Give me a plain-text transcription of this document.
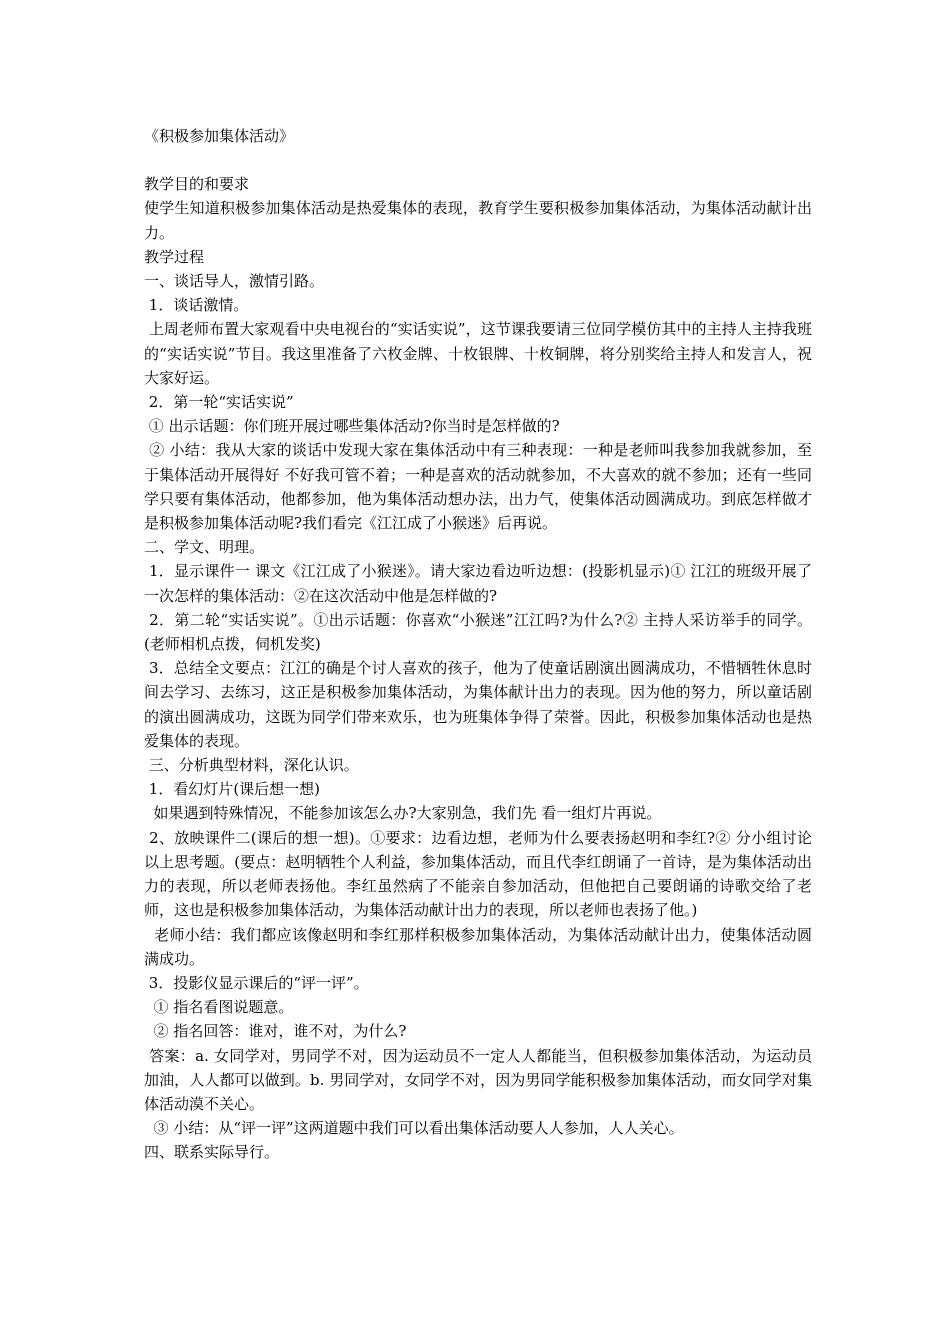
《积极参加集体活动》
教学目的和要求
使学生知道积极参加集体活动是热爱集体的表现，教育学生要积极参加集体活动，为集体活动献计出力。
教学过程
一、谈话导人，激情引路。
1．谈话激情。
上周老师布置大家观看中央电视台的“实话实说”，这节课我要请三位同学模仿其中的主持人主持我班的“实话实说”节目。我这里准备了六枚金牌、十枚银牌、十枚铜牌，将分别奖给主持人和发言人，祝大家好运。
2．第一轮“实话实说”
① 出示话题：你们班开展过哪些集体活动?你当时是怎样做的?
② 小结：我从大家的谈话中发现大家在集体活动中有三种表现：一种是老师叫我参加我就参加，至于集体活动开展得好 不好我可管不着；一种是喜欢的活动就参加，不大喜欢的就不参加；还有一些同学只要有集体活动，他都参加，他为集体活动想办法，出力气，使集体活动圆满成功。到底怎样做才是积极参加集体活动呢?我们看完《江江成了小猴迷》后再说。
二、学文、明理。
1．显示课件一 课文《江江成了小猴迷》。请大家边看边听边想：(投影机显示)① 江江的班级开展了一次怎样的集体活动：②在这次活动中他是怎样做的?
2．第二轮“实话实说”。①出示话题：你喜欢“小猴迷”江江吗?为什么?② 主持人采访举手的同学。(老师相机点拨，伺机发奖)
3．总结全文要点：江江的确是个讨人喜欢的孩子，他为了使童话剧演出圆满成功，不惜牺牲休息时间去学习、去练习，这正是积极参加集体活动，为集体献计出力的表现。因为他的努力，所以童话剧的演出圆满成功，这既为同学们带来欢乐，也为班集体争得了荣誉。因此，积极参加集体活动也是热爱集体的表现。
三、分析典型材料，深化认识。
1．看幻灯片(课后想一想)
如果遇到特殊情况，不能参加该怎么办?大家别急，我们先 看一组灯片再说。
2、放映课件二(课后的想一想)。①要求：边看边想，老师为什么要表扬赵明和李红?② 分小组讨论以上思考题。(要点：赵明牺牲个人利益，参加集体活动，而且代李红朗诵了一首诗，是为集体活动出力的表现，所以老师表扬他。李红虽然病了不能亲自参加活动，但他把自己要朗诵的诗歌交给了老师，这也是积极参加集体活动，为集体活动献计出力的表现，所以老师也表扬了他。)
老师小结：我们都应该像赵明和李红那样积极参加集体活动，为集体活动献计出力，使集体活动圆满成功。
3．投影仪显示课后的“评一评”。
① 指名看图说题意。
② 指名回答：谁对，谁不对，为什么?
答案：a. 女同学对，男同学不对，因为运动员不一定人人都能当，但积极参加集体活动，为运动员加油，人人都可以做到。b. 男同学对，女同学不对，因为男同学能积极参加集体活动，而女同学对集体活动漠不关心。
③ 小结：从“评一评”这两道题中我们可以看出集体活动要人人参加，人人关心。
四、联系实际导行。
